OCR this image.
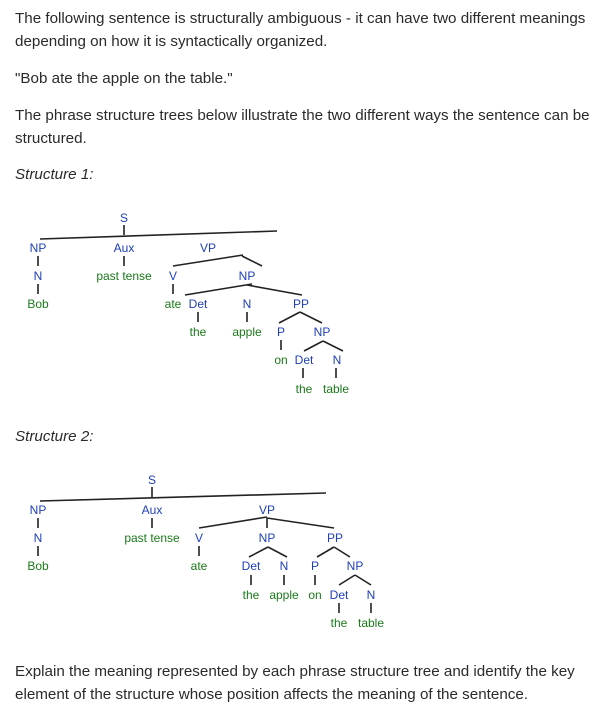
The following sentence is structurally ambiguous - it can have two different meanings depending on how it is syntactically organized.

"Bob ate the apple on the table."

The phrase structure trees below illustrate the two different ways the sentence can be structured.

Structure 1:

S
NP	Aux	VP
N	past tense V	NP
Bob	ate Det	N	PP
the apple P NP
on Det N
the table

Structure 2:

S
NP	Aux	VP
N	past tense V	NP	PP
Bob	ate	Det N P NP
the apple on Det N
the table

Explain the meaning represented by each phrase structure tree and identify the key element of the structure whose position affects the meaning of the sentence.
